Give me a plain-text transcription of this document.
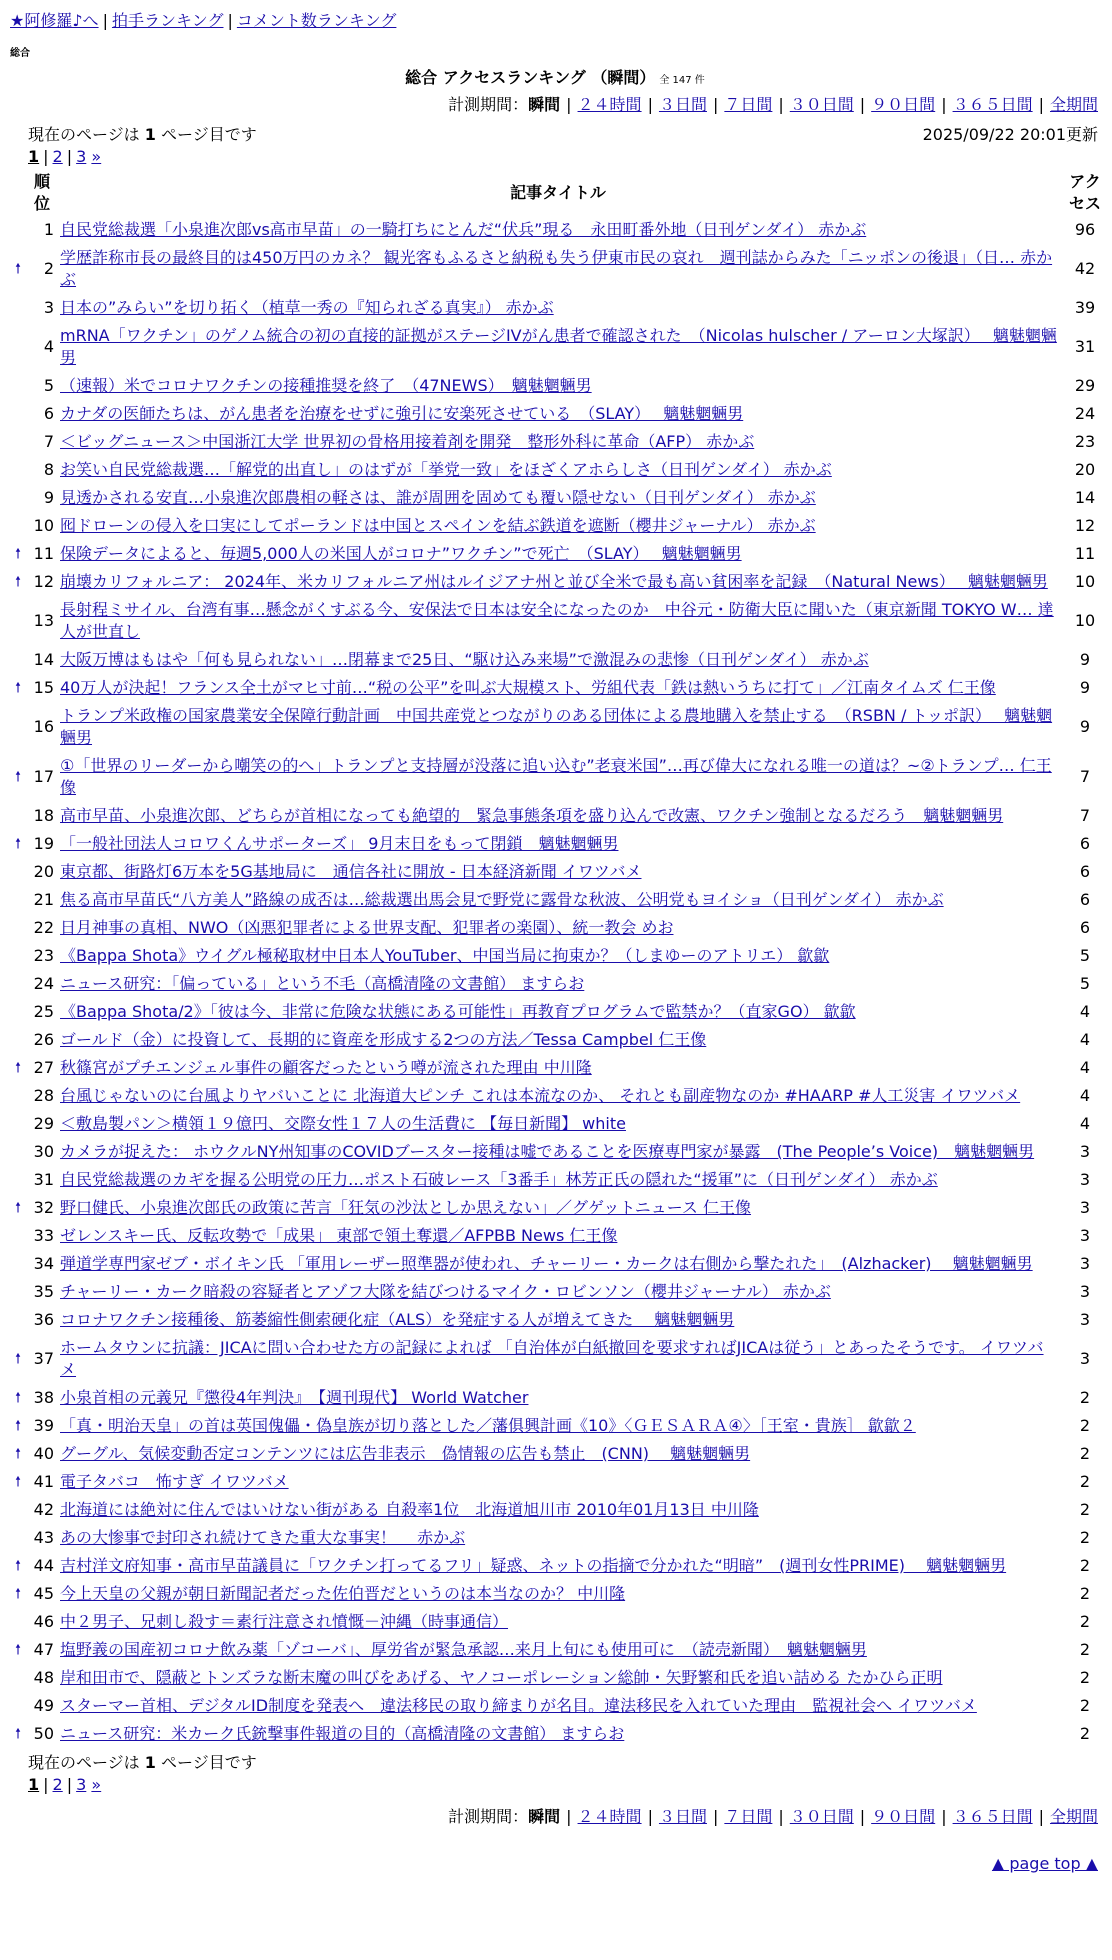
★阿修羅♪へ | 拍手ランキング | コメント数ランキング
総合
総合 アクセスランキング （瞬間） 全 147 件
計測期間：瞬間 | ２４時間 | ３日間 | ７日間 | ３０日間 | ９０日間 | ３６５日間 | 全期間
現在のページは 1 ページ目です	2025/09/22 20:01更新
1 | 2 | 3 »
	順位	記事タイトル	アクセス
	1	自民党総裁選「小泉進次郎vs高市早苗」の一騎打ちにとんだ“伏兵”現る　永田町番外地（日刊ゲンダイ） 赤かぶ	96
🠕	2	学歴詐称市長の最終目的は450万円のカネ？ 観光客もふるさと納税も失う伊東市民の哀れ　週刊誌からみた「ニッポンの後退」（日… 赤かぶ	42
	3	日本の”みらい”を切り拓く（植草一秀の『知られざる真実』） 赤かぶ	39
	4	mRNA「ワクチン」のゲノム統合の初の直接的証拠がステージIVがん患者で確認された　（Nicolas hulscher / アーロン大塚訳）　 魑魅魍魎男	31
	5	（速報）米でコロナワクチンの接種推奨を終了　（47NEWS）　魑魅魍魎男	29
	6	カナダの医師たちは、がん患者を治療をせずに強引に安楽死させている　（SLAY）　 魑魅魍魎男	24
	7	＜ビッグニュース＞中国浙江大学 世界初の骨格用接着剤を開発　整形外科に革命（AFP） 赤かぶ	23
	8	お笑い自民党総裁選…「解党的出直し」のはずが「挙党一致」をほざくアホらしさ（日刊ゲンダイ） 赤かぶ	20
	9	見透かされる安直…小泉進次郎農相の軽さは、誰が周囲を固めても覆い隠せない（日刊ゲンダイ） 赤かぶ	14
	10	囮ドローンの侵入を口実にしてポーランドは中国とスペインを結ぶ鉄道を遮断（櫻井ジャーナル） 赤かぶ	12
🠕	11	保険データによると、毎週5,000人の米国人がコロナ”ワクチン”で死亡　（SLAY）　 魑魅魍魎男	11
🠕	12	崩壊カリフォルニア： 2024年、米カリフォルニア州はルイジアナ州と並び全米で最も高い貧困率を記録　（Natural News）　 魑魅魍魎男	10
	13	長射程ミサイル、台湾有事…懸念がくすぶる今、安保法で日本は安全になったのか　中谷元・防衛大臣に聞いた（東京新聞 TOKYO W… 達人が世直し	10
	14	大阪万博はもはや「何も見られない」…閉幕まで25日、“駆け込み来場”で激混みの悲惨（日刊ゲンダイ） 赤かぶ	9
🠕	15	40万人が決起！フランス全土がマヒ寸前…“税の公平”を叫ぶ大規模スト、労組代表「鉄は熱いうちに打て」／江南タイムズ 仁王像	9
	16	トランプ米政権の国家農業安全保障行動計画　中国共産党とつながりのある団体による農地購入を禁止する　（RSBN / トッポ訳）　 魑魅魍魎男	9
🠕	17	①「世界のリーダーから嘲笑の的へ」トランプと支持層が没落に追い込む”老衰米国”…再び偉大になれる唯一の道は？~②トランプ… 仁王像	7
	18	高市早苗、小泉進次郎、どちらが首相になっても絶望的　緊急事態条項を盛り込んで改憲、ワクチン強制となるだろう　魑魅魍魎男	7
🠕	19	「一般社団法人コロワくんサポーターズ」 9月末日をもって閉鎖　魑魅魍魎男	6
	20	東京都、街路灯6万本を5G基地局に　通信各社に開放 - 日本経済新聞 イワツバメ	6
	21	焦る高市早苗氏“八方美人”路線の成否は…総裁選出馬会見で野党に露骨な秋波、公明党もヨイショ（日刊ゲンダイ） 赤かぶ	6
	22	日月神事の真相、NWO（凶悪犯罪者による世界支配、犯罪者の楽園）、統一教会 めお	6
	23	《Bappa Shota》ウイグル極秘取材中日本人YouTuber、中国当局に拘束か？（しまゆーのアトリエ） 歙歙	5
	24	ニュース研究：「偏っている」という不毛（高橋清隆の文書館） ますらお	5
	25	《Bappa Shota/2》「彼は今、非常に危険な状態にある可能性」再教育プログラムで監禁か？（直家GO） 歙歙	4
	26	ゴールド（金）に投資して、長期的に資産を形成する2つの方法／Tessa Campbel 仁王像	4
🠕	27	秋篠宮がプチエンジェル事件の顧客だったという噂が流された理由 中川隆	4
	28	台風じゃないのに台風よりヤバいことに 北海道大ピンチ これは本流なのか、 それとも副産物なのか #HAARP #人工災害 イワツバメ	4
	29	＜敷島製パン＞横領１９億円、交際女性１７人の生活費に 【毎日新聞】 white	4
	30	カメラが捉えた： ホウクルNY州知事のCOVIDブースター接種は嘘であることを医療専門家が暴露　(The People’s Voice)　魑魅魍魎男	3
	31	自民党総裁選のカギを握る公明党の圧力…ポスト石破レース「3番手」林芳正氏の隠れた“援軍”に（日刊ゲンダイ） 赤かぶ	3
🠕	32	野口健氏、小泉進次郎氏の政策に苦言「狂気の沙汰としか思えない」／グゲットニュース 仁王像	3
	33	ゼレンスキー氏、反転攻勢で「成果」 東部で領土奪還／AFPBB News 仁王像	3
	34	弾道学専門家ゼブ・ボイキン氏 「軍用レーザー照準器が使われ、チャーリー・カークは右側から撃たれた」　(Alzhacker)　 魑魅魍魎男	3
	35	チャーリー・カーク暗殺の容疑者とアゾフ大隊を結びつけるマイク・ロビンソン（櫻井ジャーナル） 赤かぶ	3
	36	コロナワクチン接種後、筋萎縮性側索硬化症（ALS）を発症する人が増えてきた　 魑魅魍魎男	3
🠕	37	ホームタウンに抗議：JICAに問い合わせた方の記録によれば 「自治体が白紙撤回を要求すればJICAは従う」とあったそうです。 イワツバメ	3
🠕	38	小泉首相の元義兄『懲役4年判決』　【週刊現代】 World Watcher	2
🠕	39	「真・明治天皇」の首は英国傀儡・偽皇族が切り落とした／藩俱興計画《10》〈ＧＥＳＡＲＡ④〉［王室・貴族］ 歙歙２	2
🠕	40	グーグル、気候変動否定コンテンツには広告非表示　偽情報の広告も禁止　(CNN)　 魑魅魍魎男	2
🠕	41	電子タバコ　怖すぎ イワツバメ	2
	42	北海道には絶対に住んではいけない街がある 自殺率1位　北海道旭川市 2010年01月13日 中川隆	2
	43	あの大惨事で封印され続けてきた重大な事実！　 赤かぶ	2
🠕	44	吉村洋文府知事・高市早苗議員に「ワクチン打ってるフリ」疑惑、ネットの指摘で分かれた“明暗”　(週刊女性PRIME)　 魑魅魍魎男	2
🠕	45	今上天皇の父親が朝日新聞記者だった佐伯晋だというのは本当なのか？ 中川隆	2
	46	中２男子、兄刺し殺す＝素行注意され憤慨－沖縄（時事通信）	2
🠕	47	塩野義の国産初コロナ飲み薬「ゾコーバ」、厚労省が緊急承認…来月上旬にも使用可に　（読売新聞）　魑魅魍魎男	2
	48	岸和田市で、隠蔽とトンズラな断末魔の叫びをあげる、ヤノコーポレーション総帥・矢野繁和氏を追い詰める たかひら正明	2
	49	スターマー首相、デジタルID制度を発表へ　違法移民の取り締まりが名目。違法移民を入れていた理由　監視社会へ イワツバメ	2
🠕	50	ニュース研究：米カーク氏銃撃事件報道の目的（高橋清隆の文書館） ますらお	2
現在のページは 1 ページ目です
1 | 2 | 3 »
計測期間：瞬間 | ２４時間 | ３日間 | ７日間 | ３０日間 | ９０日間 | ３６５日間 | 全期間
▲ page top ▲
